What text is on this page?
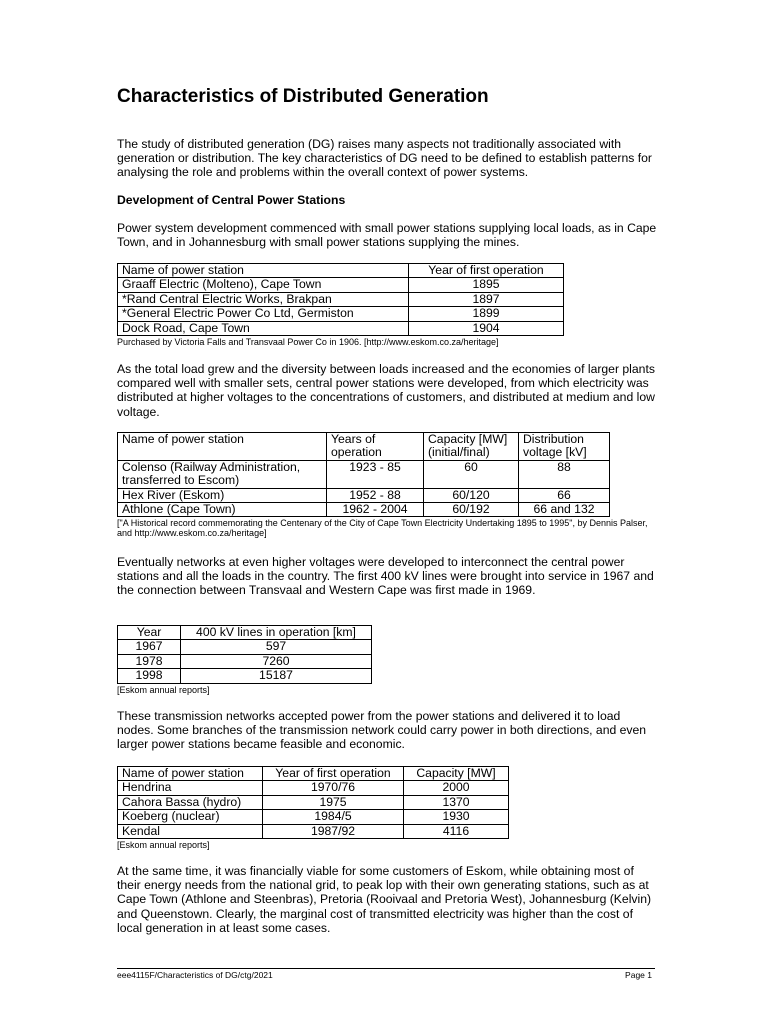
Characteristics of Distributed Generation

The study of distributed generation (DG) raises many aspects not traditionally associated with generation or distribution. The key characteristics of DG need to be defined to establish patterns for analysing the role and problems within the overall context of power systems.

Development of Central Power Stations

Power system development commenced with small power stations supplying local loads, as in Cape Town, and in Johannesburg with small power stations supplying the mines.

Name of power station	Year of first operation
Graaff Electric (Molteno), Cape Town	1895
*Rand Central Electric Works, Brakpan	1897
*General Electric Power Co Ltd, Germiston	1899
Dock Road, Cape Town	1904

Purchased by Victoria Falls and Transvaal Power Co in 1906. [http://www.eskom.co.za/heritage]

As the total load grew and the diversity between loads increased and the economies of larger plants compared well with smaller sets, central power stations were developed, from which electricity was distributed at higher voltages to the concentrations of customers, and distributed at medium and low voltage.

Name of power station	Years of operation	Capacity [MW] (initial/final)	Distribution voltage [kV]
Colenso (Railway Administration, transferred to Escom)	1923 - 85	60	88
Hex River (Eskom)	1952 - 88	60/120	66
Athlone (Cape Town)	1962 - 2004	60/192	66 and 132

["A Historical record commemorating the Centenary of the City of Cape Town Electricity Undertaking 1895 to 1995", by Dennis Palser, and http://www.eskom.co.za/heritage]

Eventually networks at even higher voltages were developed to interconnect the central power stations and all the loads in the country. The first 400 kV lines were brought into service in 1967 and the connection between Transvaal and Western Cape was first made in 1969.

Year	400 kV lines in operation [km]
1967	597
1978	7260
1998	15187

[Eskom annual reports]

These transmission networks accepted power from the power stations and delivered it to load nodes. Some branches of the transmission network could carry power in both directions, and even larger power stations became feasible and economic.

Name of power station	Year of first operation	Capacity [MW]
Hendrina	1970/76	2000
Cahora Bassa (hydro)	1975	1370
Koeberg (nuclear)	1984/5	1930
Kendal	1987/92	4116

[Eskom annual reports]

At the same time, it was financially viable for some customers of Eskom, while obtaining most of their energy needs from the national grid, to peak lop with their own generating stations, such as at Cape Town (Athlone and Steenbras), Pretoria (Rooivaal and Pretoria West), Johannesburg (Kelvin) and Queenstown. Clearly, the marginal cost of transmitted electricity was higher than the cost of local generation in at least some cases.

eee4115F/Characteristics of DG/ctg/2021	Page 1
